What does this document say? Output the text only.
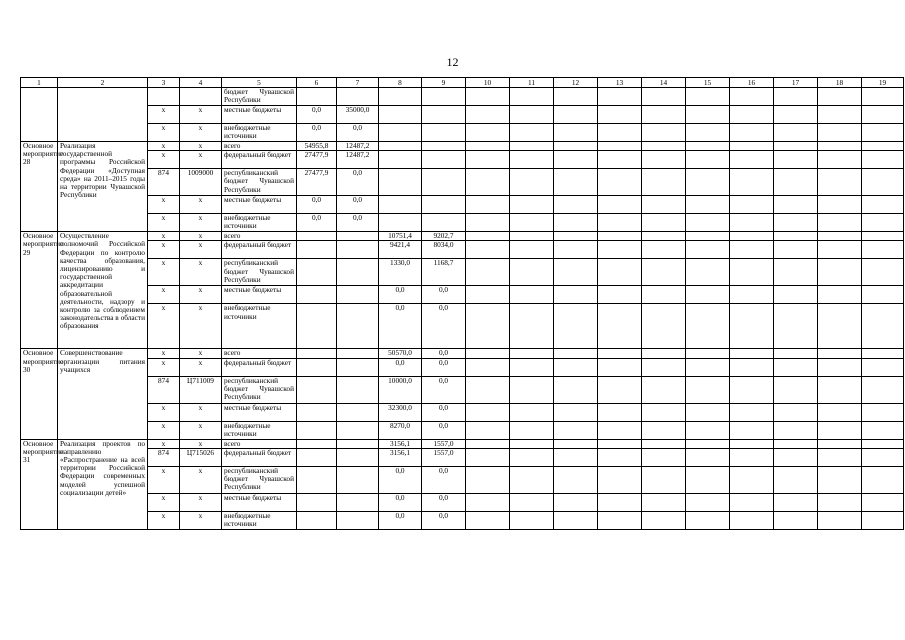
12
1	2	3	4	5	6	7	8	9	10	11	12	13	14	15	16	17	18	19
				бюджет Чувашской Республики														
		x	x	местные бюджеты	0,0	35000,0												
		x	x	внебюджетные источники	0,0	0,0												
Основное мероприятие 28	Реализация государственной программы Российской Федерации «Доступная среда» на 2011–2015 годы на территории Чувашской Республики	x	x	всего	54955,8	12487,2												
		x	x	федеральный бюджет	27477,9	12487,2												
		874	1009000	республиканский бюджет Чувашской Республики	27477,9	0,0												
		x	x	местные бюджеты	0,0	0,0												
		x	x	внебюджетные источники	0,0	0,0												
Основное мероприятие 29	Осуществление полномочий Российской Федерации по контролю качества образования, лицензированию и государственной аккредитации образовательной деятельности, надзору и контролю за соблюдением законодательства в области образования	x	x	всего			10751,4	9202,7										
		x	x	федеральный бюджет			9421,4	8034,0										
		x	x	республиканский бюджет Чувашской Республики			1330,0	1168,7										
		x	x	местные бюджеты			0,0	0,0										
		x	x	внебюджетные источники			0,0	0,0										
Основное мероприятие 30	Совершенствование организации питания учащихся	x	x	всего			50570,0	0,0										
		x	x	федеральный бюджет			0,0	0,0										
		874	Ц711009	республиканский бюджет Чувашской Республики			10000,0	0,0										
		x	x	местные бюджеты			32300,0	0,0										
		x	x	внебюджетные источники			8270,0	0,0										
Основное мероприятие 31	Реализация проектов по направлению «Распространение на всей территории Российской Федерации современных моделей успешной социализации детей»	x	x	всего			3156,1	1557,0										
		874	Ц715026	федеральный бюджет			3156,1	1557,0										
		x	x	республиканский бюджет Чувашской Республики			0,0	0,0										
		x	x	местные бюджеты			0,0	0,0										
		x	x	внебюджетные источники			0,0	0,0										
